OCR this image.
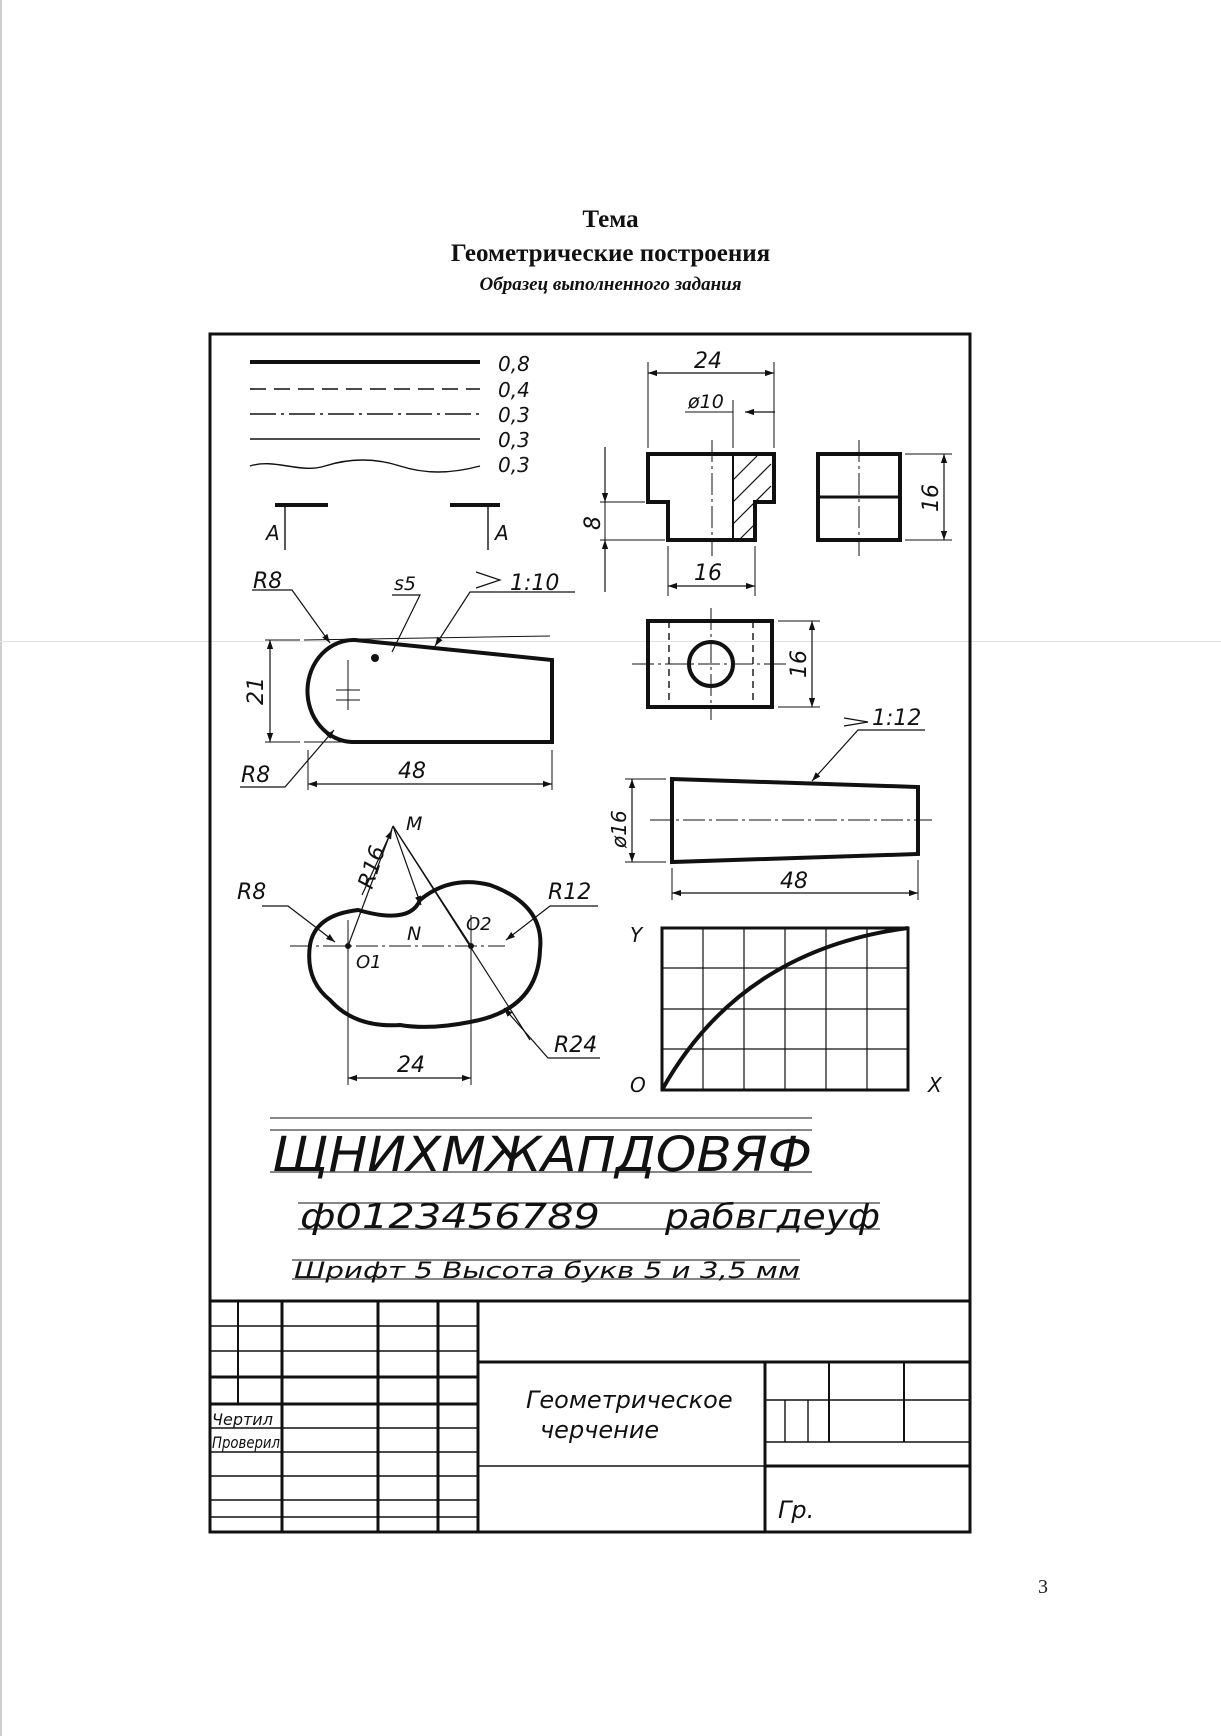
Тема
Геометрические построения
Образец выполненного задания
0,8
0,4
0,3
0,3
0,3
A	A
R8
R8
s5	1:10
21
48
24
ø10
8
16
16
16
1:12
ø16
48
M
N
O1
O2
R16
R8	R12
R24
24
Y
X
O
ЩНИХМЖАПДОВЯФ
ф0123456789 рабвгдеуф
Шрифт 5 Высота букв 5 и 3,5 мм
Чертил
Проверил
Геометрическое
черчение
Гр.
3
